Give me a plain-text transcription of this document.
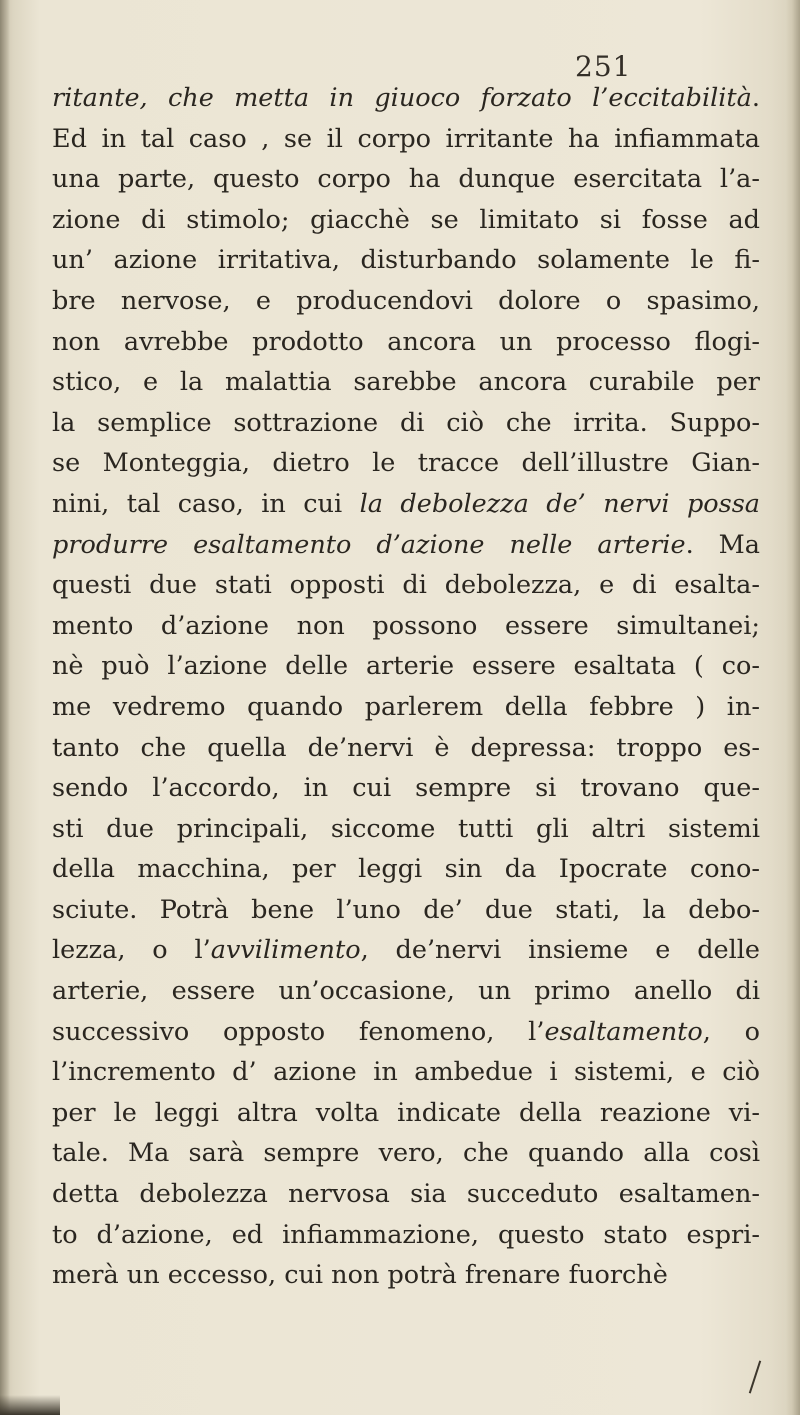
251
ritante, che metta in giuoco forzato l’eccitabilità.
Ed in tal caso , se il corpo irritante ha infiammata
una parte, questo corpo ha dunque esercitata l’a-
zione di stimolo; giacchè se limitato si fosse ad
un’ azione irritativa, disturbando solamente le fi-
bre nervose, e producendovi dolore o spasimo,
non avrebbe prodotto ancora un processo flogi-
stico, e la malattia sarebbe ancora curabile per
la semplice sottrazione di ciò che irrita. Suppo-
se Monteggia, dietro le tracce dell’illustre Gian-
nini, tal caso, in cui la debolezza de’ nervi possa
produrre esaltamento d’azione nelle arterie. Ma
questi due stati opposti di debolezza, e di esalta-
mento d’azione non possono essere simultanei;
nè può l’azione delle arterie essere esaltata ( co-
me vedremo quando parlerem della febbre ) in-
tanto che quella de’nervi è depressa: troppo es-
sendo l’accordo, in cui sempre si trovano que-
sti due principali, siccome tutti gli altri sistemi
della macchina, per leggi sin da Ipocrate cono-
sciute. Potrà bene l’uno de’ due stati, la debo-
lezza, o l’avvilimento, de’nervi insieme e delle
arterie, essere un’occasione, un primo anello di
successivo opposto fenomeno, l’esaltamento, o
l’incremento d’ azione in ambedue i sistemi, e ciò
per le leggi altra volta indicate della reazione vi-
tale. Ma sarà sempre vero, che quando alla così
detta debolezza nervosa sia succeduto esaltamen-
to d’azione, ed infiammazione, questo stato espri-
merà un eccesso, cui non potrà frenare fuorchè
